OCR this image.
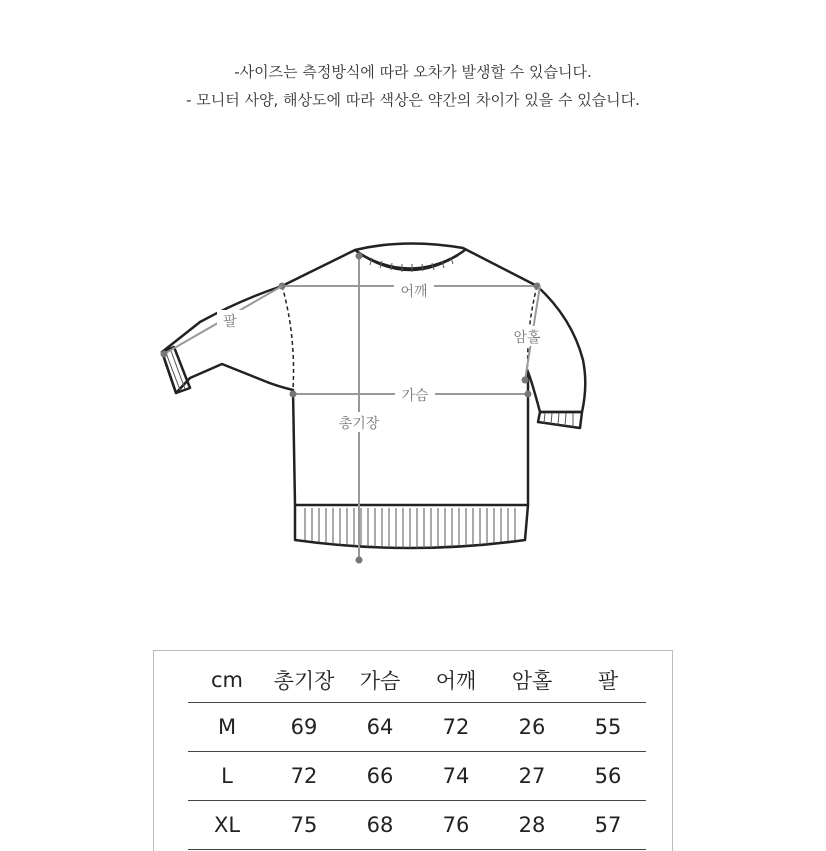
-사이즈는 측정방식에 따라 오차가 발생할 수 있습니다.
- 모니터 사양, 해상도에 따라 색상은 약간의 차이가 있을 수 있습니다.
어깨
팔
암홀
가슴
총기장
cm	총기장	가슴	어깨	암홀	팔
M	69	64	72	26	55
L	72	66	74	27	56
XL	75	68	76	28	57
